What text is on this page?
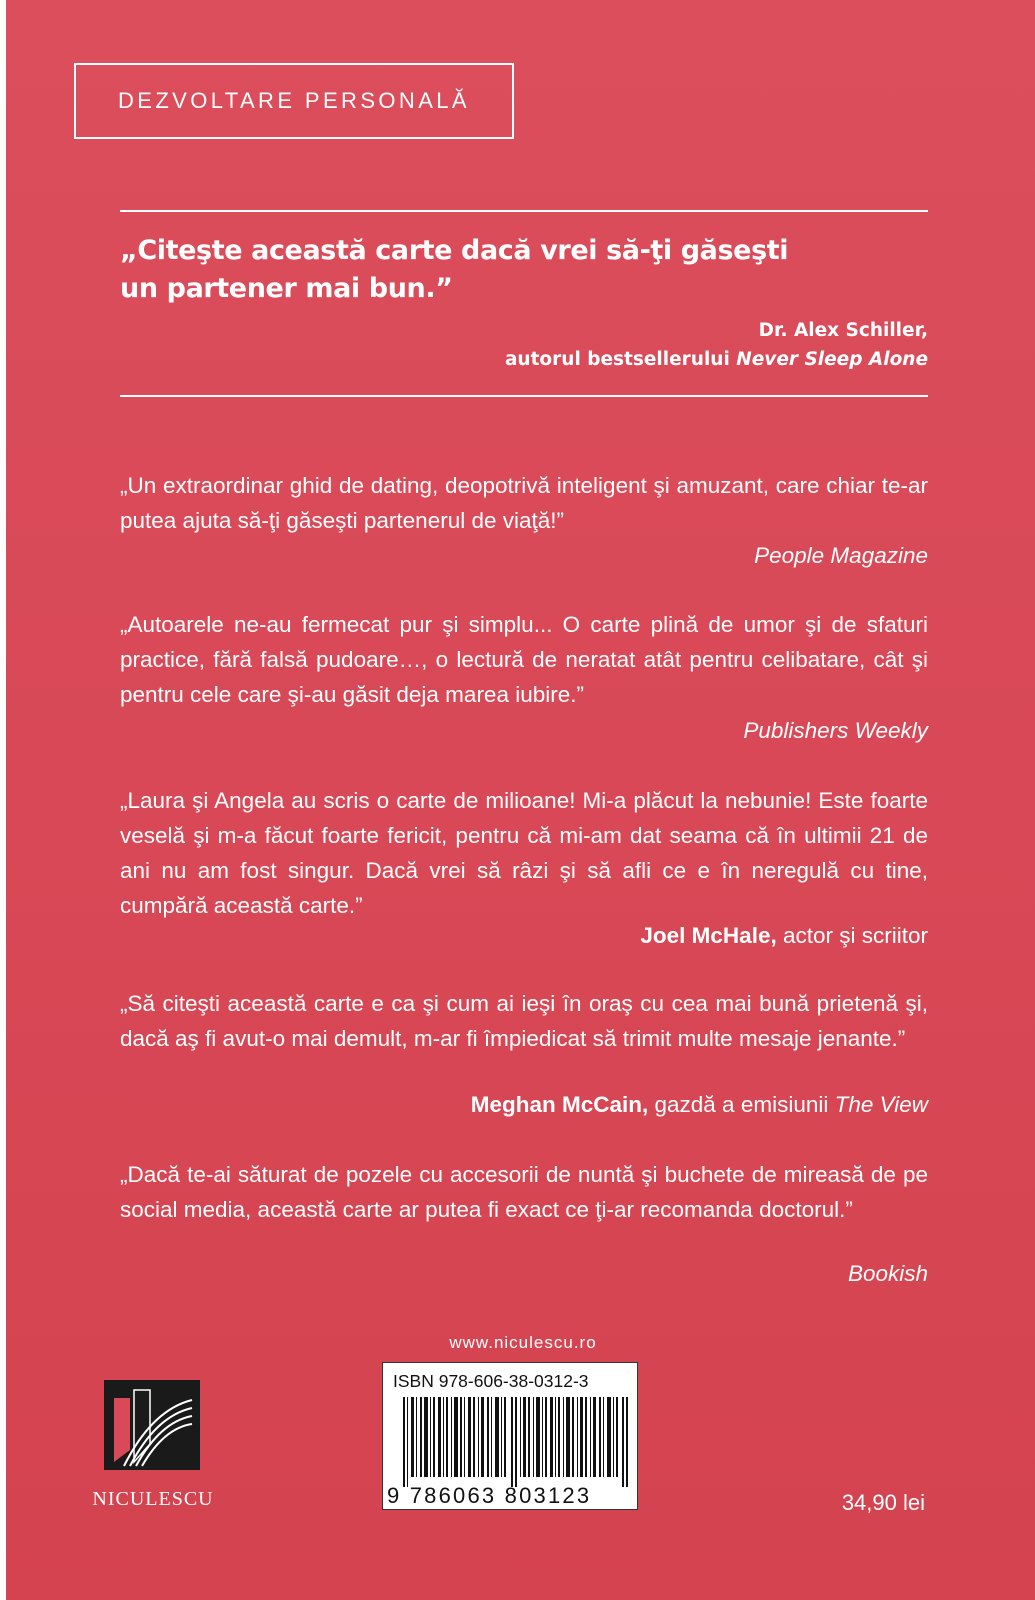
DEZVOLTARE PERSONALĂ
„Citeşte această carte dacă vrei să-ţi găseşti
un partener mai bun.”
Dr. Alex Schiller,
autorul bestsellerului Never Sleep Alone
„Un extraordinar ghid de dating, deopotrivă inteligent şi amuzant, care chiar te-ar putea ajuta să-ţi găseşti partenerul de viaţă!”
People Magazine
„Autoarele ne-au fermecat pur şi simplu... O carte plină de umor şi de sfaturi practice, fără falsă pudoare…, o lectură de neratat atât pentru celibatare, cât şi pentru cele care şi-au găsit deja marea iubire.”
Publishers Weekly
„Laura şi Angela au scris o carte de milioane! Mi-a plăcut la nebunie! Este foarte veselă şi m-a făcut foarte fericit, pentru că mi-am dat seama că în ultimii 21 de ani nu am fost singur. Dacă vrei să râzi şi să afli ce e în neregulă cu tine, cumpără această carte.”
Joel McHale, actor şi scriitor
„Să citeşti această carte e ca şi cum ai ieşi în oraş cu cea mai bună prietenă şi, dacă aş fi avut-o mai demult, m-ar fi împiedicat să trimit multe mesaje jenante.”
Meghan McCain, gazdă a emisiunii The View
„Dacă te-ai săturat de pozele cu accesorii de nuntă şi buchete de mireasă de pe social media, această carte ar putea fi exact ce ţi-ar recomanda doctorul.”
Bookish
www.niculescu.ro
ISBN 978-606-38-0312-3
9 786063 803123
NICULESCU	34,90 lei
